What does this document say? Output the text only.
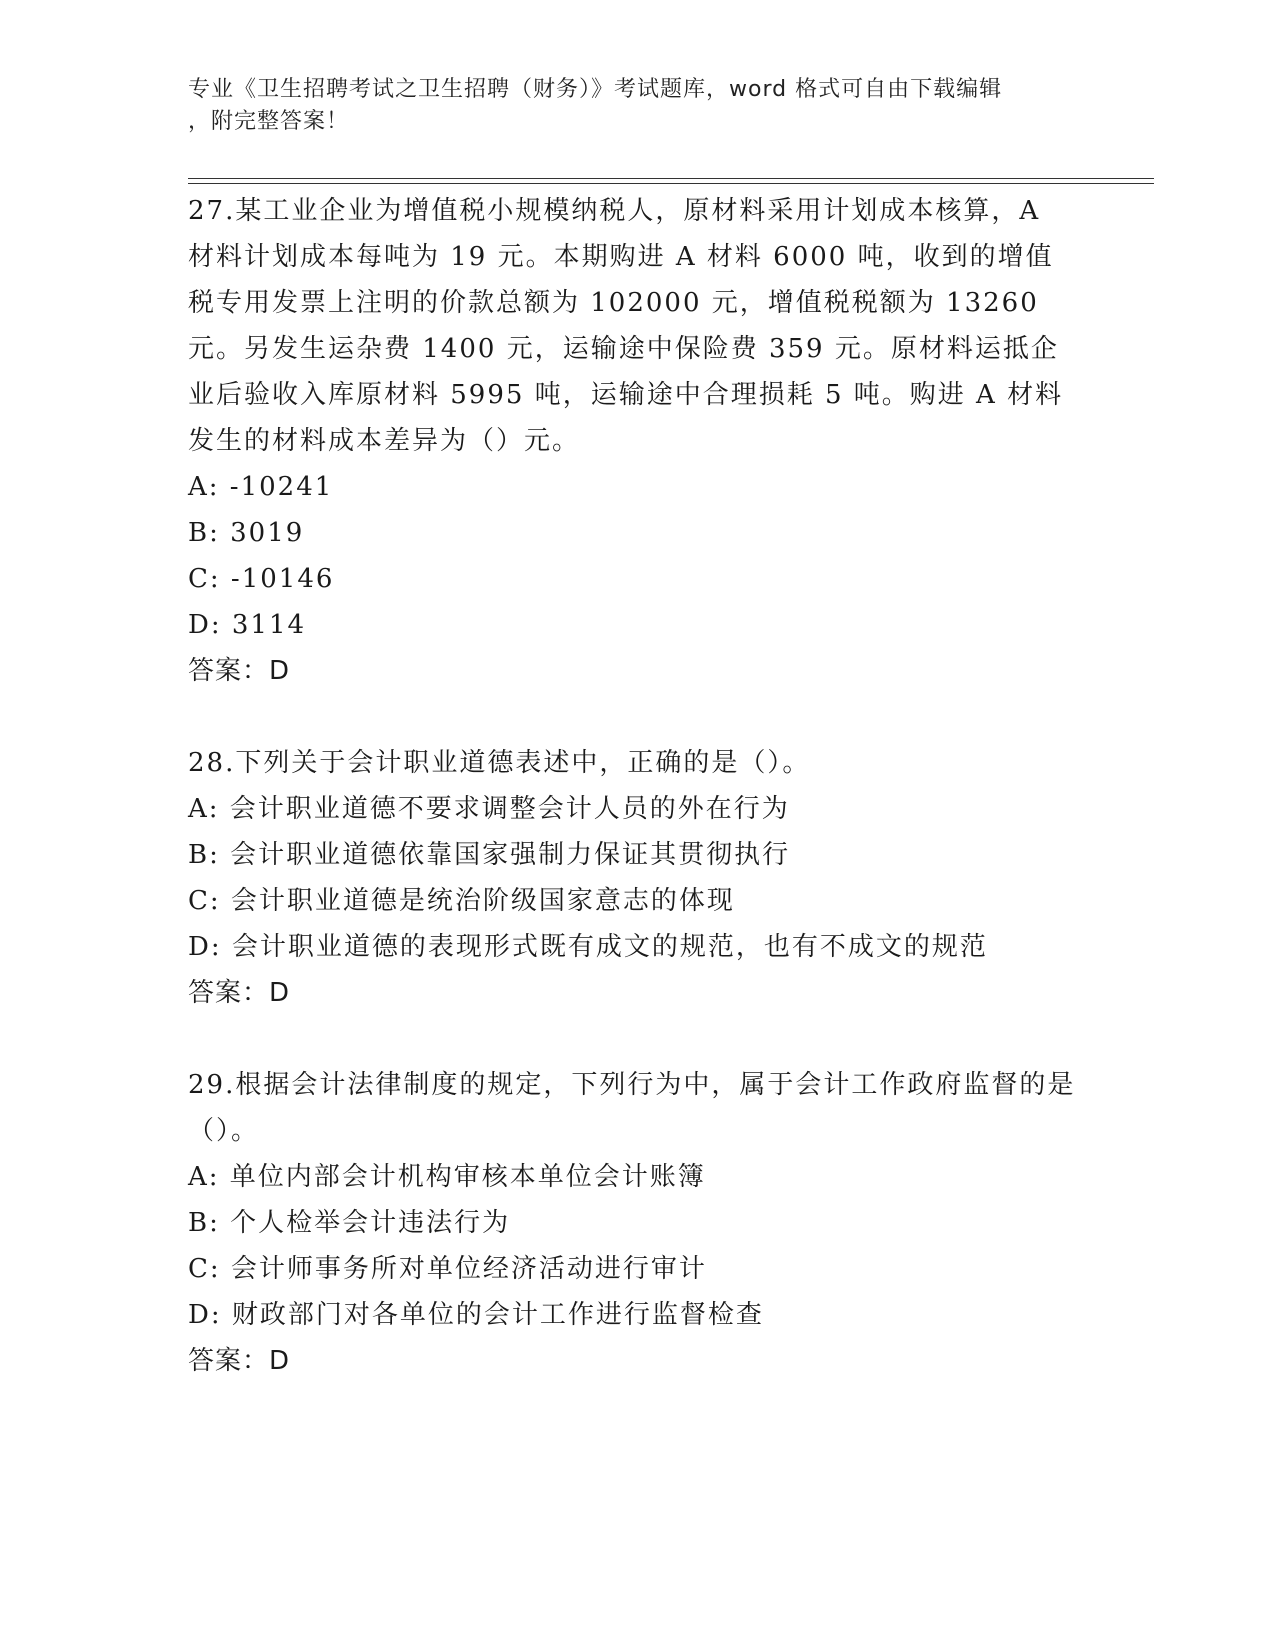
专业《卫生招聘考试之卫生招聘（财务）》考试题库，word 格式可自由下载编辑
，附完整答案！

27.某工业企业为增值税小规模纳税人，原材料采用计划成本核算，A 材料计划成本每吨为 19 元。本期购进 A 材料 6000 吨，收到的增值税专用发票上注明的价款总额为 102000 元，增值税税额为 13260 元。另发生运杂费 1400 元，运输途中保险费 359 元。原材料运抵企业后验收入库原材料 5995 吨，运输途中合理损耗 5 吨。购进 A 材料发生的材料成本差异为（）元。

A: -10241

B: 3019

C: -10146

D: 3114

答案：D

28.下列关于会计职业道德表述中，正确的是（）。

A: 会计职业道德不要求调整会计人员的外在行为

B: 会计职业道德依靠国家强制力保证其贯彻执行

C: 会计职业道德是统治阶级国家意志的体现

D: 会计职业道德的表现形式既有成文的规范，也有不成文的规范

答案：D

29.根据会计法律制度的规定，下列行为中，属于会计工作政府监督的是（）。

A: 单位内部会计机构审核本单位会计账簿

B: 个人检举会计违法行为

C: 会计师事务所对单位经济活动进行审计

D: 财政部门对各单位的会计工作进行监督检查

答案：D
